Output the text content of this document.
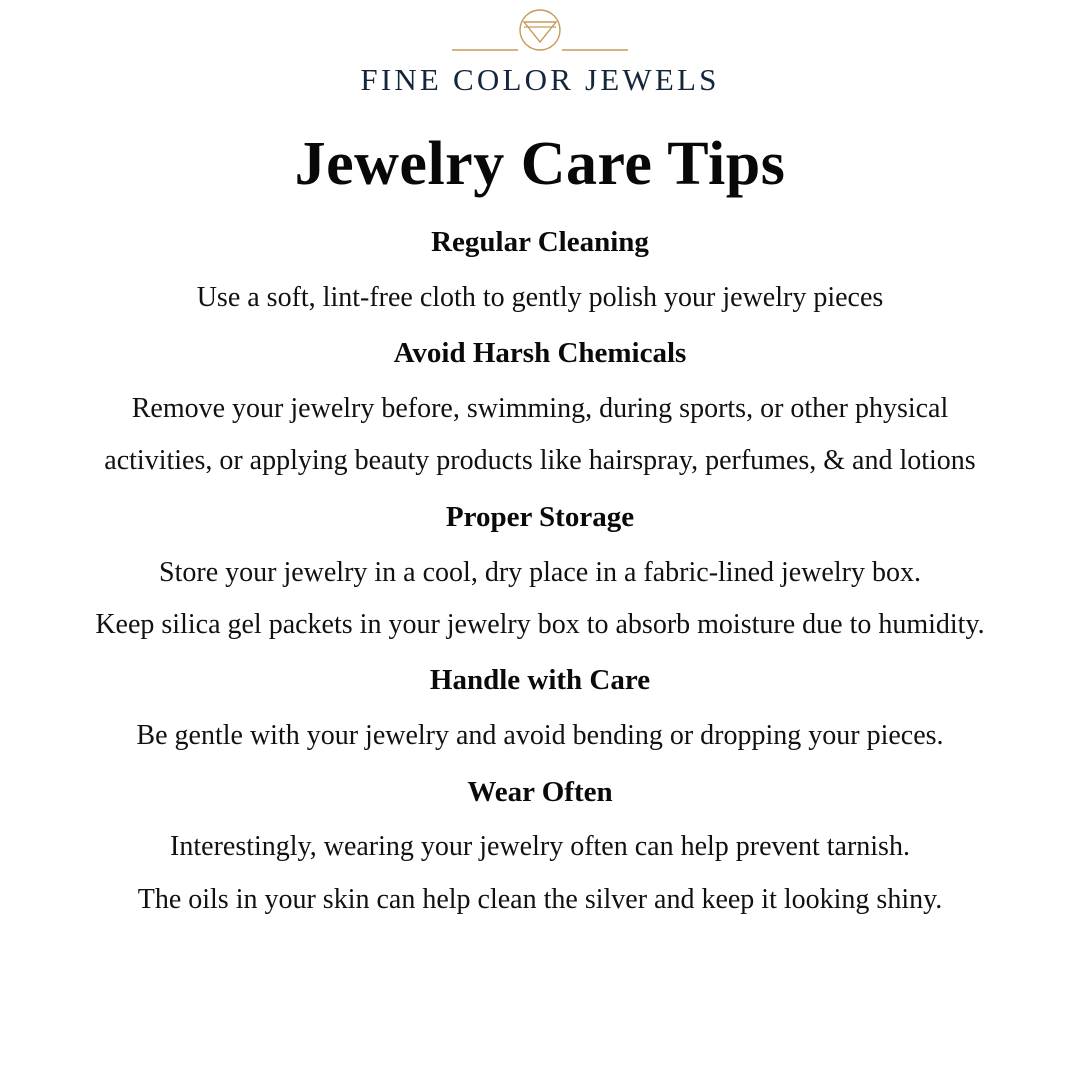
FINE COLOR JEWELS
Jewelry Care Tips

Regular Cleaning

Use a soft, lint-free cloth to gently polish your jewelry pieces

Avoid Harsh Chemicals

Remove your jewelry before, swimming, during sports, or other physical

activities, or applying beauty products like hairspray, perfumes, & and lotions

Proper Storage

Store your jewelry in a cool, dry place in a fabric-lined jewelry box.

Keep silica gel packets in your jewelry box to absorb moisture due to humidity.

Handle with Care

Be gentle with your jewelry and avoid bending or dropping your pieces.

Wear Often

Interestingly, wearing your jewelry often can help prevent tarnish.

The oils in your skin can help clean the silver and keep it looking shiny.
